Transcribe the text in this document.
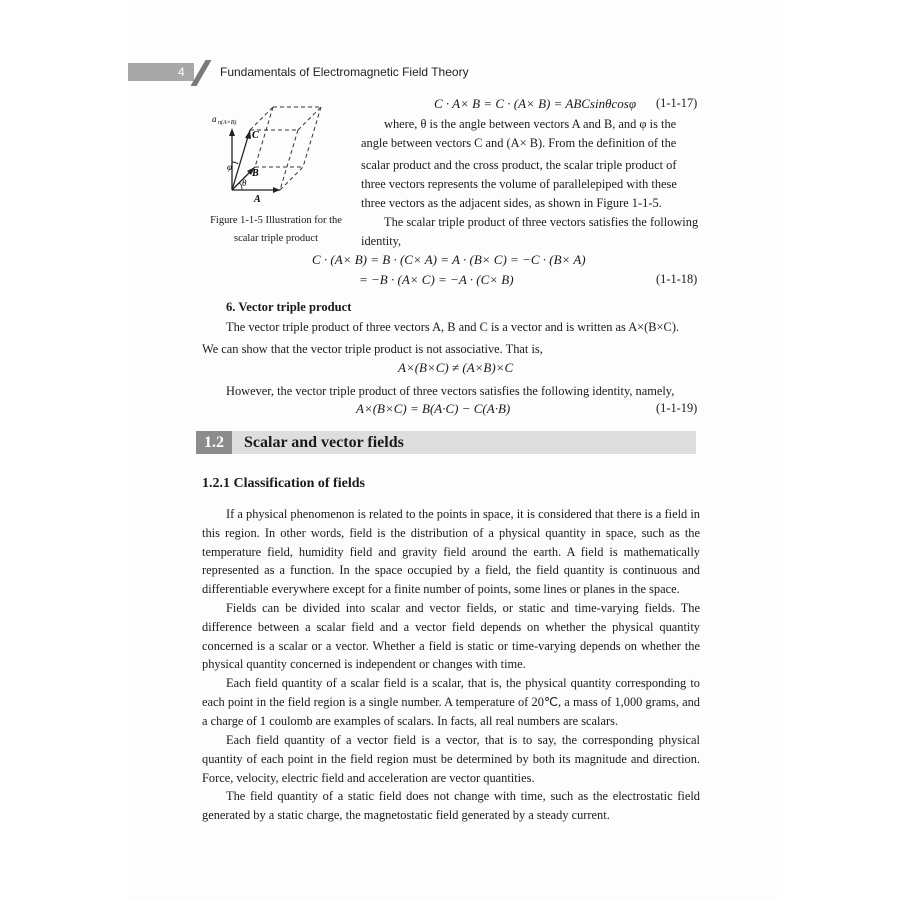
4	Fundamentals of Electromagnetic Field Theory
a n(A×B)
C
B
A
φ
θ
Figure 1-1-5 Illustration for the
scalar triple product
C · A× B = C · (A× B) = ABCsinθcosφ (1-1-17)
where, θ is the angle between vectors A and B, and φ is the
angle between vectors C and (A× B). From the definition of the
scalar product and the cross product, the scalar triple product of
three vectors represents the volume of parallelepiped with these
three vectors as the adjacent sides, as shown in Figure 1-1-5.
The scalar triple product of three vectors satisfies the following
identity,
C · (A× B) = B · (C× A) = A · (B× C) = −C · (B× A)
= −B · (A× C) = −A · (C× B)	(1-1-18)
6. Vector triple product
The vector triple product of three vectors A, B and C is a vector and is written as A×(B×C).
We can show that the vector triple product is not associative. That is,
A×(B×C) ≠ (A×B)×C
However, the vector triple product of three vectors satisfies the following identity, namely,
A×(B×C) = B(A·C) − C(A·B)	(1-1-19)
1.2	Scalar and vector fields
1.2.1 Classification of fields
If a physical phenomenon is related to the points in space, it is considered that there is a field in this region. In other words, field is the distribution of a physical quantity in space, such as the temperature field, humidity field and gravity field around the earth. A field is mathematically represented as a function. In the space occupied by a field, the field quantity is continuous and differentiable everywhere except for a finite number of points, some lines or planes in the space.
Fields can be divided into scalar and vector fields, or static and time-varying fields. The difference between a scalar field and a vector field depends on whether the physical quantity concerned is a scalar or a vector. Whether a field is static or time-varying depends on whether the physical quantity concerned is independent or changes with time.
Each field quantity of a scalar field is a scalar, that is, the physical quantity corresponding to each point in the field region is a single number. A temperature of 20℃, a mass of 1,000 grams, and a charge of 1 coulomb are examples of scalars. In facts, all real numbers are scalars.
Each field quantity of a vector field is a vector, that is to say, the corresponding physical quantity of each point in the field region must be determined by both its magnitude and direction. Force, velocity, electric field and acceleration are vector quantities.
The field quantity of a static field does not change with time, such as the electrostatic field generated by a static charge, the magnetostatic field generated by a steady current.
